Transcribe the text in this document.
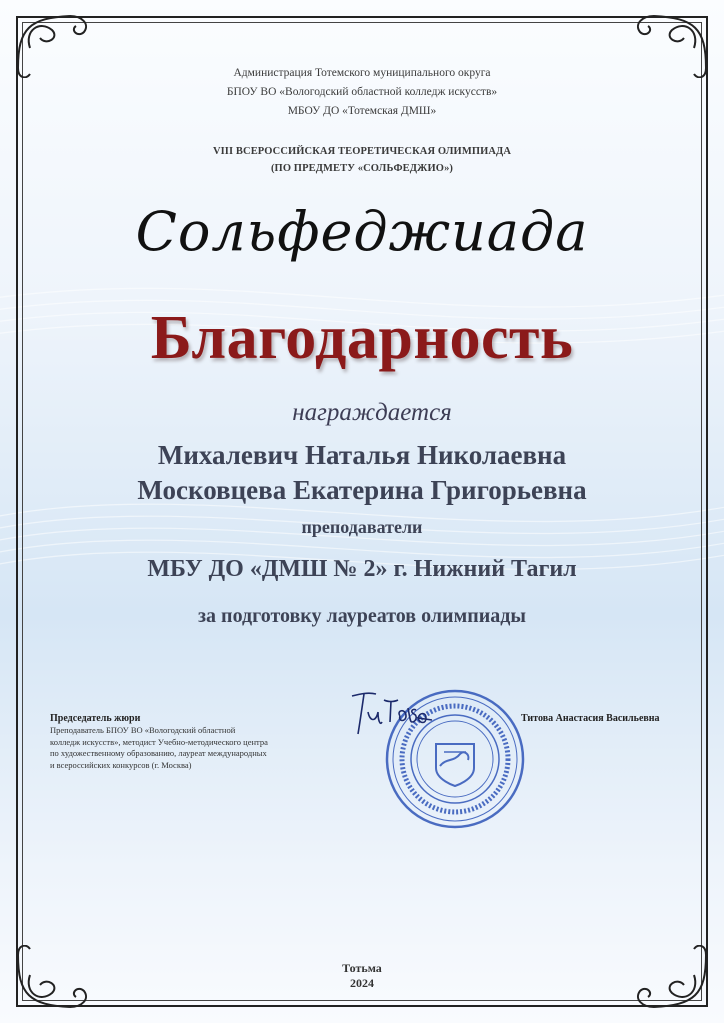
Администрация Тотемского муниципального округа
БПОУ ВО «Вологодский областной колледж искусств»
МБОУ ДО «Тотемская ДМШ»
VIII ВСЕРОССИЙСКАЯ ТЕОРЕТИЧЕСКАЯ ОЛИМПИАДА
(ПО ПРЕДМЕТУ «СОЛЬФЕДЖИО»)
Сольфеджиада
Благодарность
награждается
Михалевич Наталья Николаевна
Московцева Екатерина Григорьевна
преподаватели
МБУ ДО «ДМШ № 2» г. Нижний Тагил
за подготовку лауреатов олимпиады
Председатель жюри
Преподаватель БПОУ ВО «Вологодский областной
колледж искусств», методист Учебно-методического центра
по художественному образованию, лауреат международных
и всероссийских конкурсов (г. Москва)
Титова Анастасия Васильевна
Тотьма
2024
